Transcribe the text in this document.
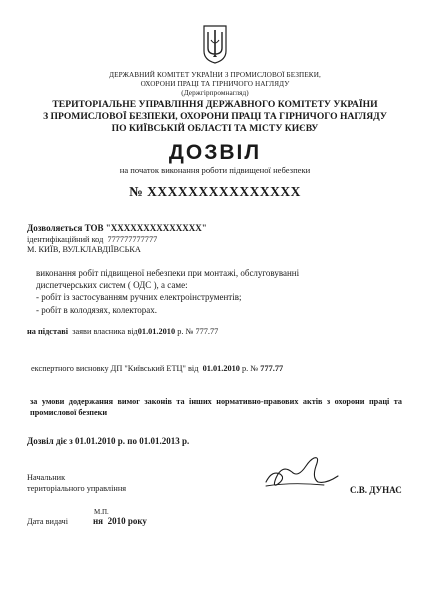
ДЕРЖАВНИЙ КОМІТЕТ УКРАЇНИ З ПРОМИСЛОВОЇ БЕЗПЕКИ,
ОХОРОНИ ПРАЦІ ТА ГІРНИЧОГО НАГЛЯДУ
(Держгірпромнагляд)
ТЕРИТОРІАЛЬНЕ УПРАВЛІННЯ ДЕРЖАВНОГО КОМІТЕТУ УКРАЇНИ
З ПРОМИСЛОВОЇ БЕЗПЕКИ, ОХОРОНИ ПРАЦІ ТА ГІРНИЧОГО НАГЛЯДУ
ПО КИЇВСЬКІЙ ОБЛАСТІ ТА МІСТУ КИЄВУ
ДОЗВІЛ
на початок виконання роботи підвищеної небезпеки
№ XXXXXXXXXXXXXXX
Дозволяється ТОВ "XXXXXXXXXXXXXX"
ідентифікаційний код 777777777777
М. КИЇВ, ВУЛ.КЛАВДІЇВСЬКА
виконання робіт підвищеної небезпеки при монтажі, обслуговуванні
диспетчерських систем ( ОДС ), а саме:
- робіт із застосуванням ручних електроінструментів;
- робіт в колодязях, колекторах.
на підставі заяви власника від01.01.2010 р. № 777.77
експертного висновку ДП "Київський ЕТЦ" від 01.01.2010 р. № 777.77
за умови додержання вимог законів та інших нормативно-правових актів з охорони праці та промислової безпеки
Дозвіл діє з 01.01.2010 р. по 01.01.2013 р.
Начальник
територіального управління	С.В. ДУНАС
Дата видачі
М.П.
ня 2010 року
